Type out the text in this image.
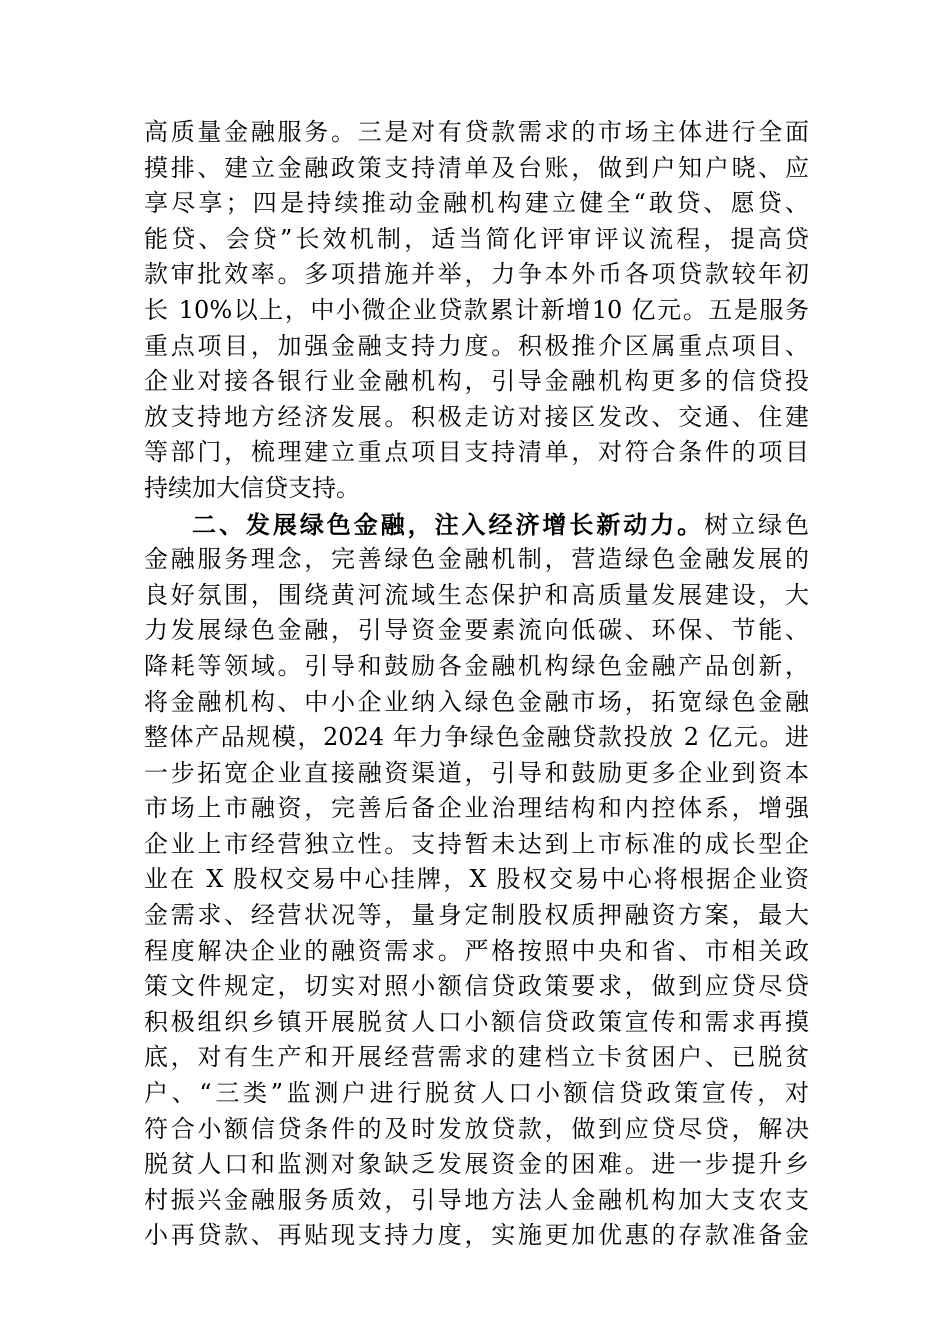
高质量金融服务。三是对有贷款需求的市场主体进行全面
摸排、建立金融政策支持清单及台账，做到户知户晓、应
享尽享；四是持续推动金融机构建立健全“敢贷、愿贷、
能贷、会贷”长效机制，适当简化评审评议流程，提高贷
款审批效率。多项措施并举，力争本外币各项贷款较年初
长 10%以上，中小微企业贷款累计新增10 亿元。五是服务
重点项目，加强金融支持力度。积极推介区属重点项目、
企业对接各银行业金融机构，引导金融机构更多的信贷投
放支持地方经济发展。积极走访对接区发改、交通、住建
等部门，梳理建立重点项目支持清单，对符合条件的项目
持续加大信贷支持。
二、发展绿色金融，注入经济增长新动力。树立绿色
金融服务理念，完善绿色金融机制，营造绿色金融发展的
良好氛围，围绕黄河流域生态保护和高质量发展建设，大
力发展绿色金融，引导资金要素流向低碳、环保、节能、
降耗等领域。引导和鼓励各金融机构绿色金融产品创新，
将金融机构、中小企业纳入绿色金融市场，拓宽绿色金融
整体产品规模，2024 年力争绿色金融贷款投放 2 亿元。进
一步拓宽企业直接融资渠道，引导和鼓励更多企业到资本
市场上市融资，完善后备企业治理结构和内控体系，增强
企业上市经营独立性。支持暂未达到上市标准的成长型企
业在 X 股权交易中心挂牌，X 股权交易中心将根据企业资
金需求、经营状况等，量身定制股权质押融资方案，最大
程度解决企业的融资需求。严格按照中央和省、市相关政
策文件规定，切实对照小额信贷政策要求，做到应贷尽贷
积极组织乡镇开展脱贫人口小额信贷政策宣传和需求再摸
底，对有生产和开展经营需求的建档立卡贫困户、已脱贫
户、“三类”监测户进行脱贫人口小额信贷政策宣传，对
符合小额信贷条件的及时发放贷款，做到应贷尽贷，解决
脱贫人口和监测对象缺乏发展资金的困难。进一步提升乡
村振兴金融服务质效，引导地方法人金融机构加大支农支
小再贷款、再贴现支持力度，实施更加优惠的存款准备金
